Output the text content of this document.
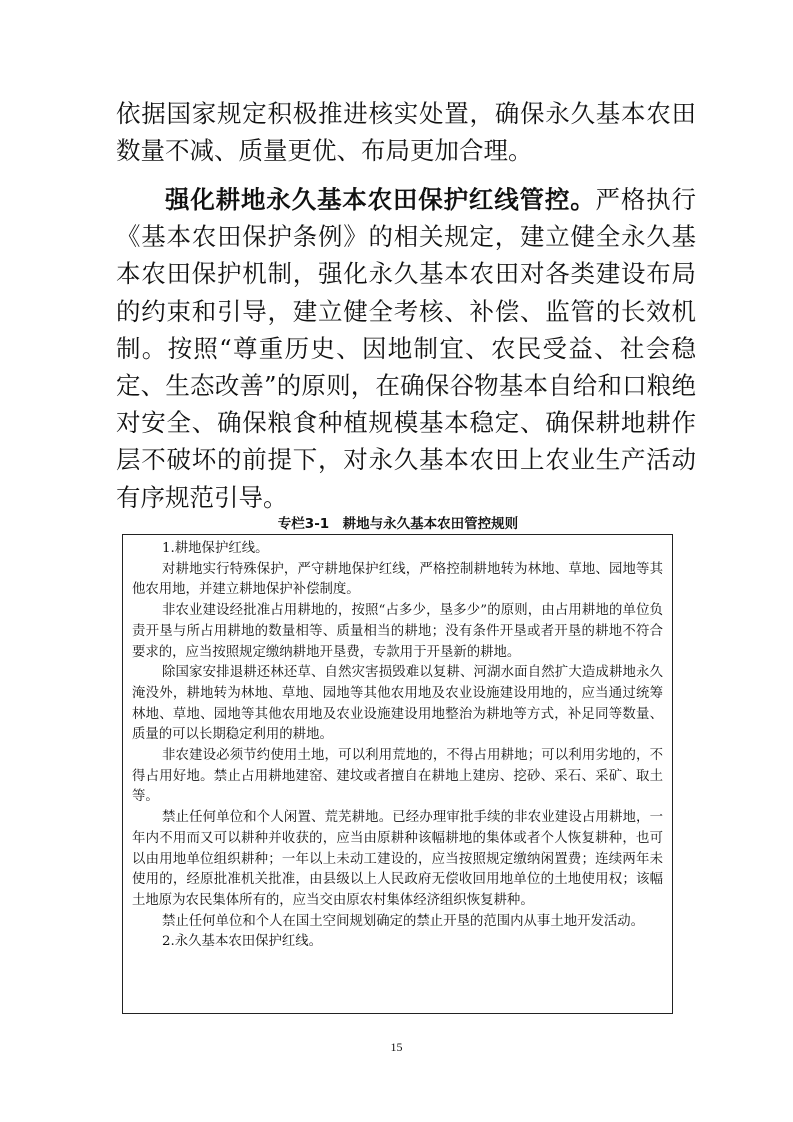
依据国家规定积极推进核实处置，确保永久基本农田数量不减、质量更优、布局更加合理。

强化耕地永久基本农田保护红线管控。严格执行《基本农田保护条例》的相关规定，建立健全永久基本农田保护机制，强化永久基本农田对各类建设布局的约束和引导，建立健全考核、补偿、监管的长效机制。按照“尊重历史、因地制宜、农民受益、社会稳定、生态改善”的原则，在确保谷物基本自给和口粮绝对安全、确保粮食种植规模基本稳定、确保耕地耕作层不破坏的前提下，对永久基本农田上农业生产活动有序规范引导。

专栏3-1　耕地与永久基本农田管控规则

1.耕地保护红线。

对耕地实行特殊保护，严守耕地保护红线，严格控制耕地转为林地、草地、园地等其他农用地，并建立耕地保护补偿制度。

非农业建设经批准占用耕地的，按照“占多少，垦多少”的原则，由占用耕地的单位负责开垦与所占用耕地的数量相等、质量相当的耕地；没有条件开垦或者开垦的耕地不符合要求的，应当按照规定缴纳耕地开垦费，专款用于开垦新的耕地。

除国家安排退耕还林还草、自然灾害损毁难以复耕、河湖水面自然扩大造成耕地永久淹没外，耕地转为林地、草地、园地等其他农用地及农业设施建设用地的，应当通过统筹林地、草地、园地等其他农用地及农业设施建设用地整治为耕地等方式，补足同等数量、质量的可以长期稳定利用的耕地。

非农建设必须节约使用土地，可以利用荒地的，不得占用耕地；可以利用劣地的，不得占用好地。禁止占用耕地建窑、建坟或者擅自在耕地上建房、挖砂、采石、采矿、取土等。

禁止任何单位和个人闲置、荒芜耕地。已经办理审批手续的非农业建设占用耕地，一年内不用而又可以耕种并收获的，应当由原耕种该幅耕地的集体或者个人恢复耕种，也可以由用地单位组织耕种；一年以上未动工建设的，应当按照规定缴纳闲置费；连续两年未使用的，经原批准机关批准，由县级以上人民政府无偿收回用地单位的土地使用权；该幅土地原为农民集体所有的，应当交由原农村集体经济组织恢复耕种。

禁止任何单位和个人在国土空间规划确定的禁止开垦的范围内从事土地开发活动。

2.永久基本农田保护红线。

15
